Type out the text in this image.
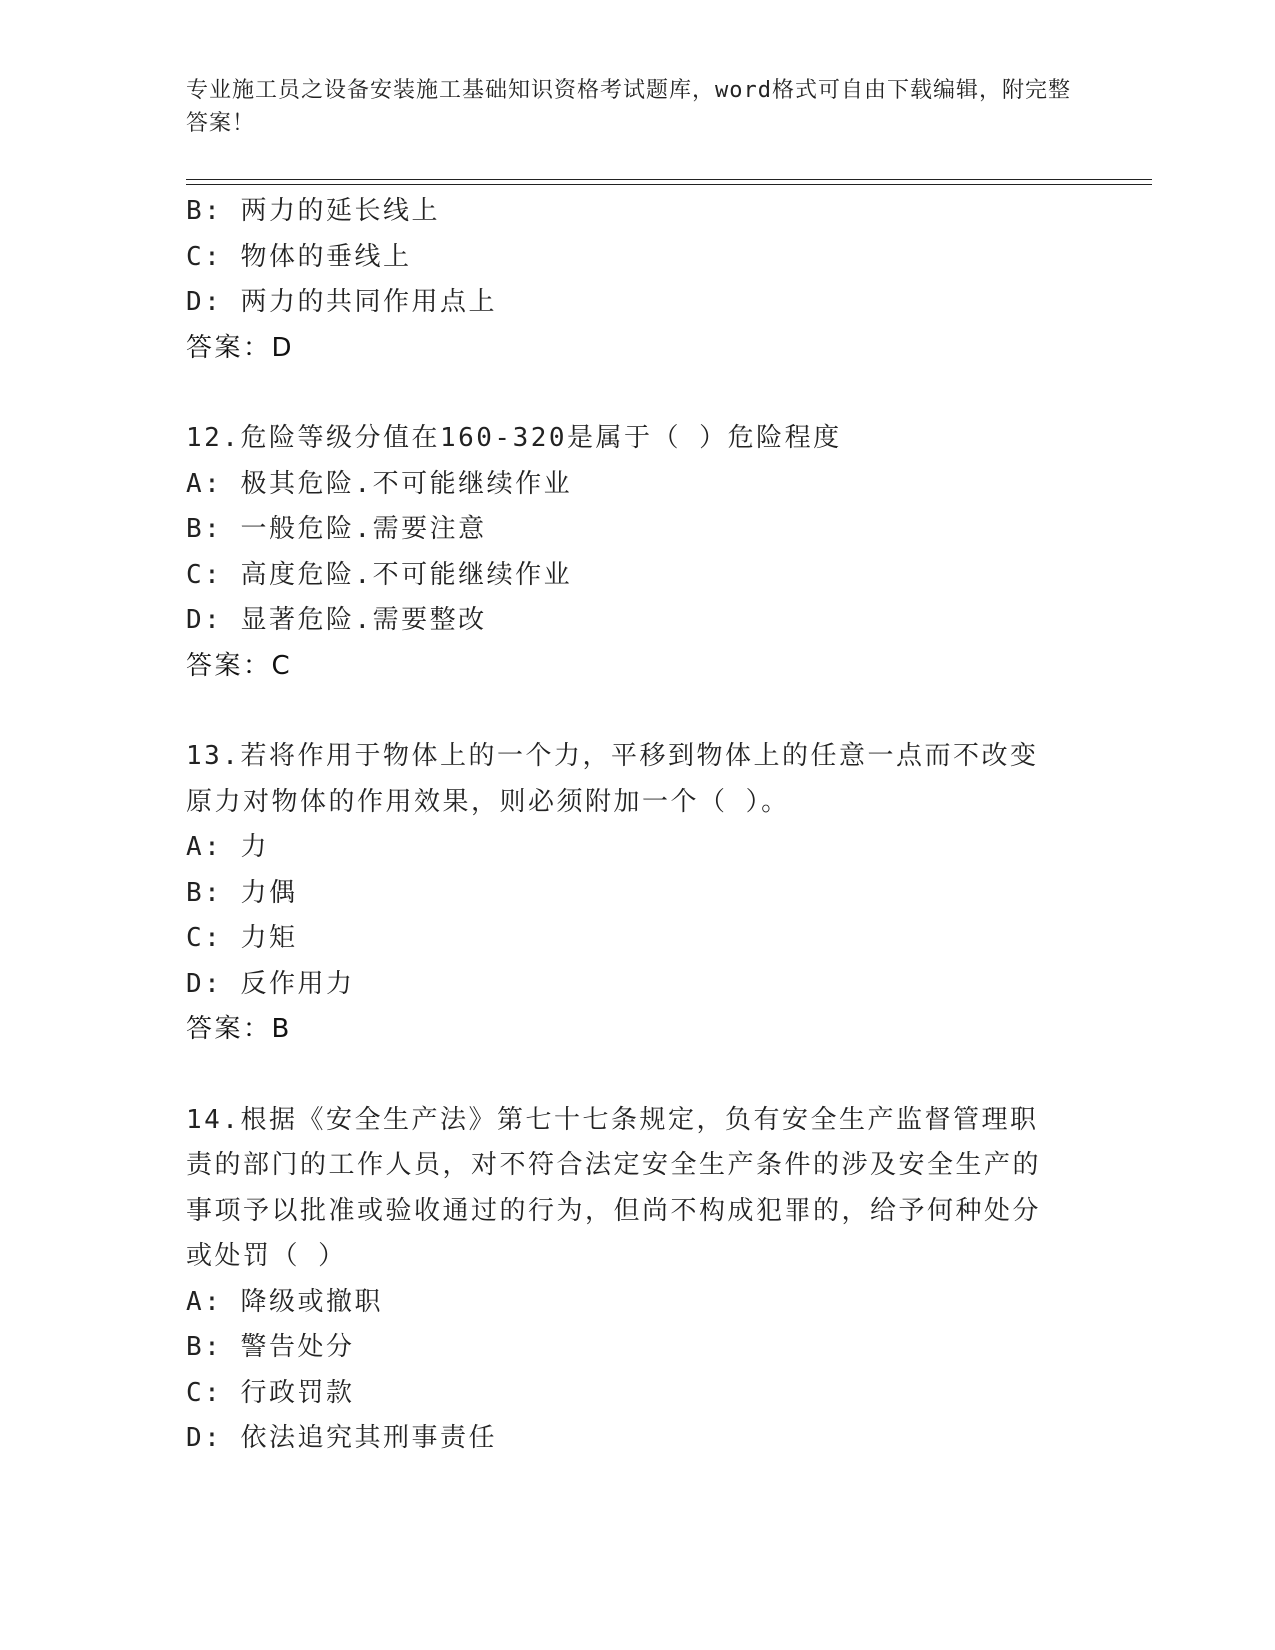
专业施工员之设备安装施工基础知识资格考试题库，word格式可自由下载编辑，附完整答案！
B: 两力的延长线上
C: 物体的垂线上
D: 两力的共同作用点上
答案：D
12.危险等级分值在160-320是属于（ ）危险程度
A: 极其危险.不可能继续作业
B: 一般危险.需要注意
C: 高度危险.不可能继续作业
D: 显著危险.需要整改
答案：C
13.若将作用于物体上的一个力，平移到物体上的任意一点而不改变原力对物体的作用效果，则必须附加一个（ ）。
A: 力
B: 力偶
C: 力矩
D: 反作用力
答案：B
14.根据《安全生产法》第七十七条规定，负有安全生产监督管理职责的部门的工作人员，对不符合法定安全生产条件的涉及安全生产的事项予以批准或验收通过的行为，但尚不构成犯罪的，给予何种处分或处罚（ ）
A: 降级或撤职
B: 警告处分
C: 行政罚款
D: 依法追究其刑事责任
